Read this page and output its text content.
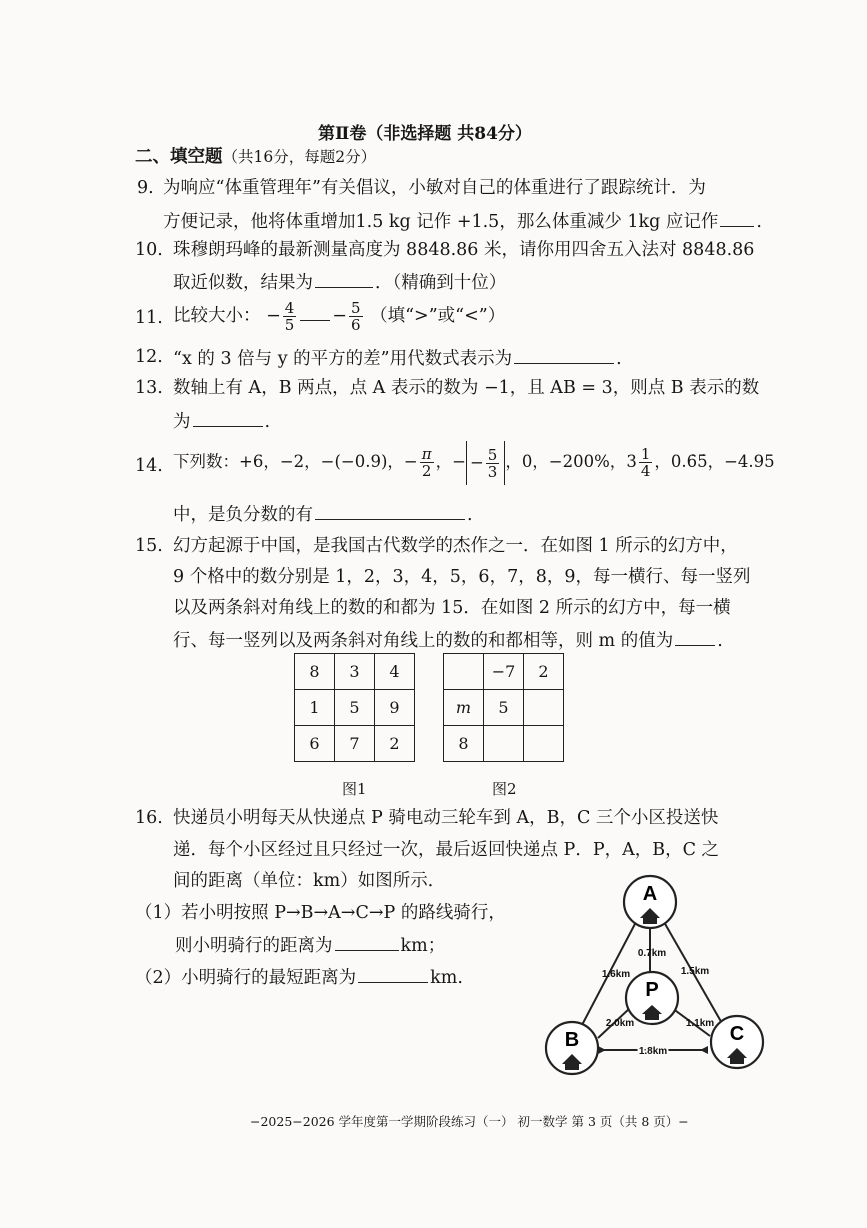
第Ⅱ卷（非选择题 共84分）
二、填空题（共16分，每题2分）
9. 为响应“体重管理年”有关倡议，小敏对自己的体重进行了跟踪统计．为
方便记录，他将体重增加1.5 kg 记作 +1.5，那么体重减少 1kg 应记作 .
10. 珠穆朗玛峰的最新测量高度为 8848.86 米，请你用四舍五入法对 8848.86
取近似数，结果为	．（精确到十位）
11. 比较大小： − $\frac{4}{5} - \frac{5}{6}$ （填“>”或“<”）
12. “x 的 3 倍与 y 的平方的差”用代数式表示为	.
13. 数轴上有 A，B 两点，点 A 表示的数为 −1，且 AB = 3，则点 B 表示的数
为	.
14. 下列数：+6，−2，−(−0.9)，− $\frac{\pi}{2}$ ，− − $\frac{5}{3}$ ，0，−200%，$3 \frac{1}{4}$ ，0.6̇5̇，−4.95
中，是负分数的有	.
15. 幻方起源于中国，是我国古代数学的杰作之一．在如图 1 所示的幻方中，
9 个格中的数分别是 1，2，3，4，5，6，7，8，9，每一横行、每一竖列
以及两条斜对角线上的数的和都为 15．在如图 2 所示的幻方中，每一横
行、每一竖列以及两条斜对角线上的数的和都相等，则 m 的值为	.
8	3	4
1	5	9
6	7	2
图1
	−7	2
m	5	
8		
图2
16. 快递员小明每天从快递点 P 骑电动三轮车到 A，B，C 三个小区投送快
递．每个小区经过且只经过一次，最后返回快递点 P．P，A，B，C 之
间的距离（单位：km）如图所示．
（1）若小明按照 P→B→A→C→P 的路线骑行，
则小明骑行的距离为	km；
（2）小明骑行的最短距离为	km.
A
B	C
P
0.7km
1.6km	1.5km
2.0km	1.1km
1.8km
−2025−2026 学年度第一学期阶段练习（一） 初一数学 第 3 页（共 8 页）−
